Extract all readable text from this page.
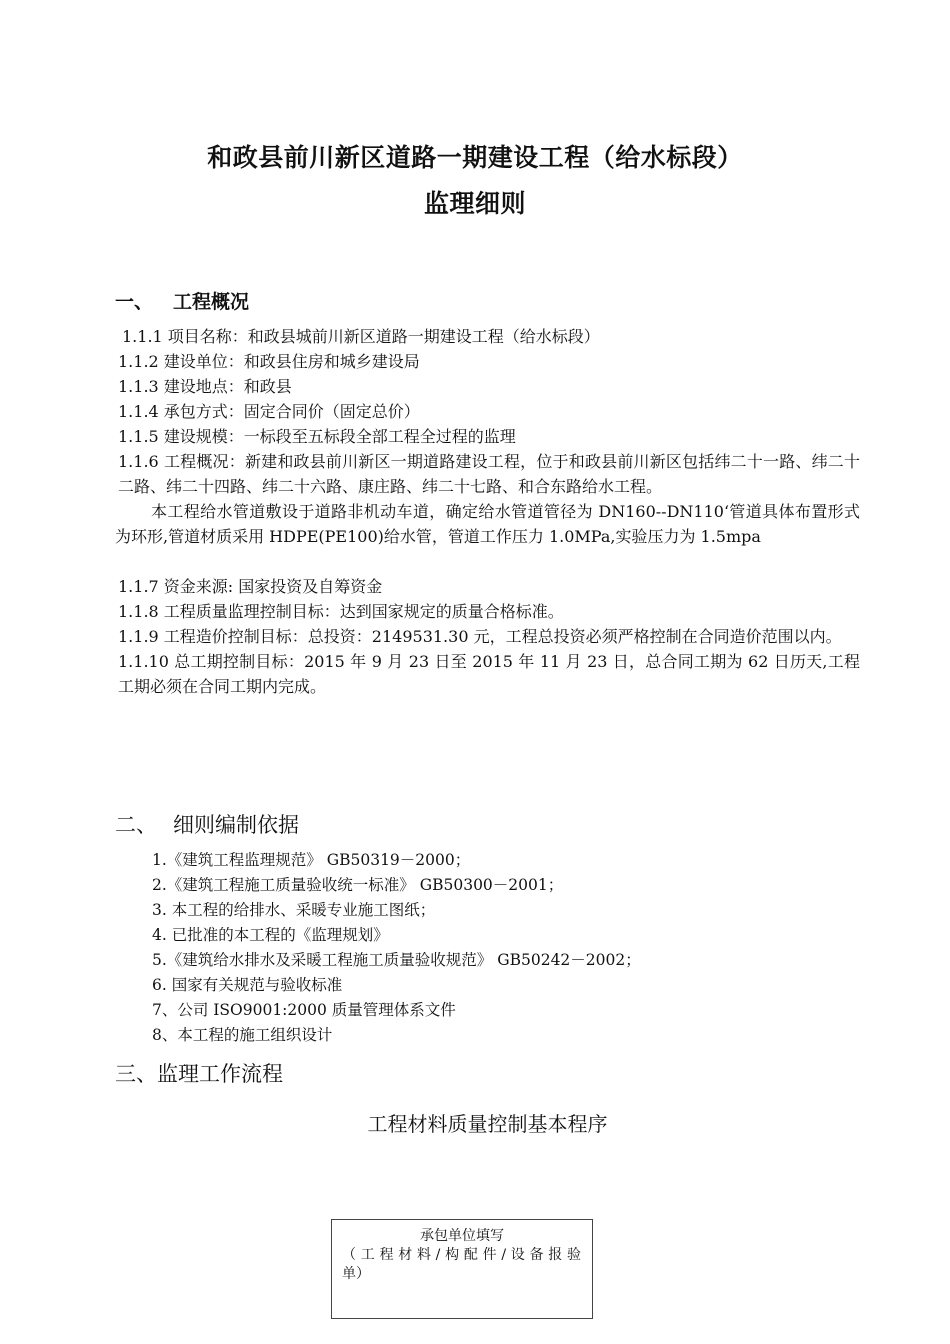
和政县前川新区道路一期建设工程（给水标段）
监理细则
一、 工程概况

1.1.1 项目名称：和政县城前川新区道路一期建设工程（给水标段）

1.1.2 建设单位：和政县住房和城乡建设局

1.1.3 建设地点：和政县

1.1.4 承包方式：固定合同价（固定总价）

1.1.5 建设规模：一标段至五标段全部工程全过程的监理

1.1.6 工程概况：新建和政县前川新区一期道路建设工程，位于和政县前川新区包括纬二十一路、纬二十二路、纬二十四路、纬二十六路、康庄路、纬二十七路、和合东路给水工程。

本工程给水管道敷设于道路非机动车道，确定给水管道管径为 DN160--DN110‘管道具体布置形式为环形,管道材质采用 HDPE(PE100)给水管，管道工作压力 1.0MPa,实验压力为 1.5mpa

1.1.7 资金来源: 国家投资及自筹资金

1.1.8 工程质量监理控制目标：达到国家规定的质量合格标准。

1.1.9 工程造价控制目标：总投资：2149531.30 元，工程总投资必须严格控制在合同造价范围以内。

1.1.10 总工期控制目标：2015 年 9 月 23 日至 2015 年 11 月 23 日，总合同工期为 62 日历天,工程工期必须在合同工期内完成。

二、 细则编制依据

1.《建筑工程监理规范》 GB50319－2000；

2.《建筑工程施工质量验收统一标准》 GB50300－2001；

3. 本工程的给排水、采暖专业施工图纸；

4. 已批准的本工程的《监理规划》

5.《建筑给水排水及采暖工程施工质量验收规范》 GB50242－2002；

6. 国家有关规范与验收标准

7、公司 ISO9001:2000 质量管理体系文件

8、本工程的施工组织设计

三、监理工作流程
工程材料质量控制基本程序
承包单位填写
（工程材料/构配件/设备报验
单）
